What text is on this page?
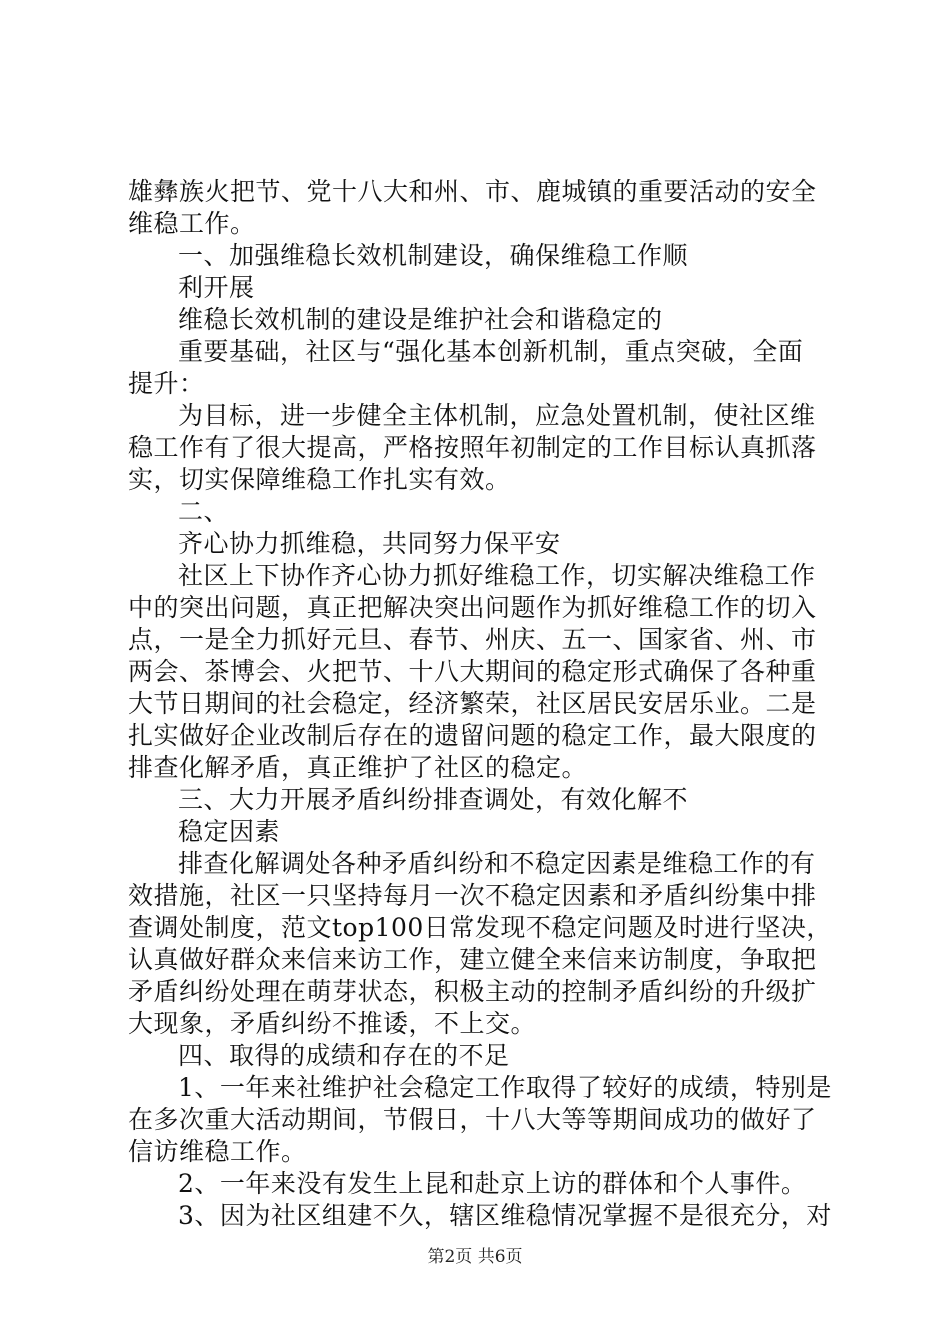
雄彝族火把节、党十八大和州、市、鹿城镇的重要活动的安全
维稳工作。
一、加强维稳长效机制建设，确保维稳工作顺
利开展
维稳长效机制的建设是维护社会和谐稳定的
重要基础，社区与“强化基本创新机制，重点突破，全面
提升：
为目标，进一步健全主体机制，应急处置机制，使社区维
稳工作有了很大提高，严格按照年初制定的工作目标认真抓落
实，切实保障维稳工作扎实有效。
二、
齐心协力抓维稳，共同努力保平安
社区上下协作齐心协力抓好维稳工作，切实解决维稳工作
中的突出问题，真正把解决突出问题作为抓好维稳工作的切入
点，一是全力抓好元旦、春节、州庆、五一、国家省、州、市
两会、茶博会、火把节、十八大期间的稳定形式确保了各种重
大节日期间的社会稳定，经济繁荣，社区居民安居乐业。二是
扎实做好企业改制后存在的遗留问题的稳定工作，最大限度的
排查化解矛盾，真正维护了社区的稳定。
三、大力开展矛盾纠纷排查调处，有效化解不
稳定因素
排查化解调处各种矛盾纠纷和不稳定因素是维稳工作的有
效措施，社区一只坚持每月一次不稳定因素和矛盾纠纷集中排
查调处制度，范文top100日常发现不稳定问题及时进行坚决，
认真做好群众来信来访工作，建立健全来信来访制度，争取把
矛盾纠纷处理在萌芽状态，积极主动的控制矛盾纠纷的升级扩
大现象，矛盾纠纷不推诿，不上交。
四、取得的成绩和存在的不足
1、一年来社维护社会稳定工作取得了较好的成绩，特别是
在多次重大活动期间，节假日，十八大等等期间成功的做好了
信访维稳工作。
2、一年来没有发生上昆和赴京上访的群体和个人事件。
3、因为社区组建不久，辖区维稳情况掌握不是很充分，对
第2页 共6页
